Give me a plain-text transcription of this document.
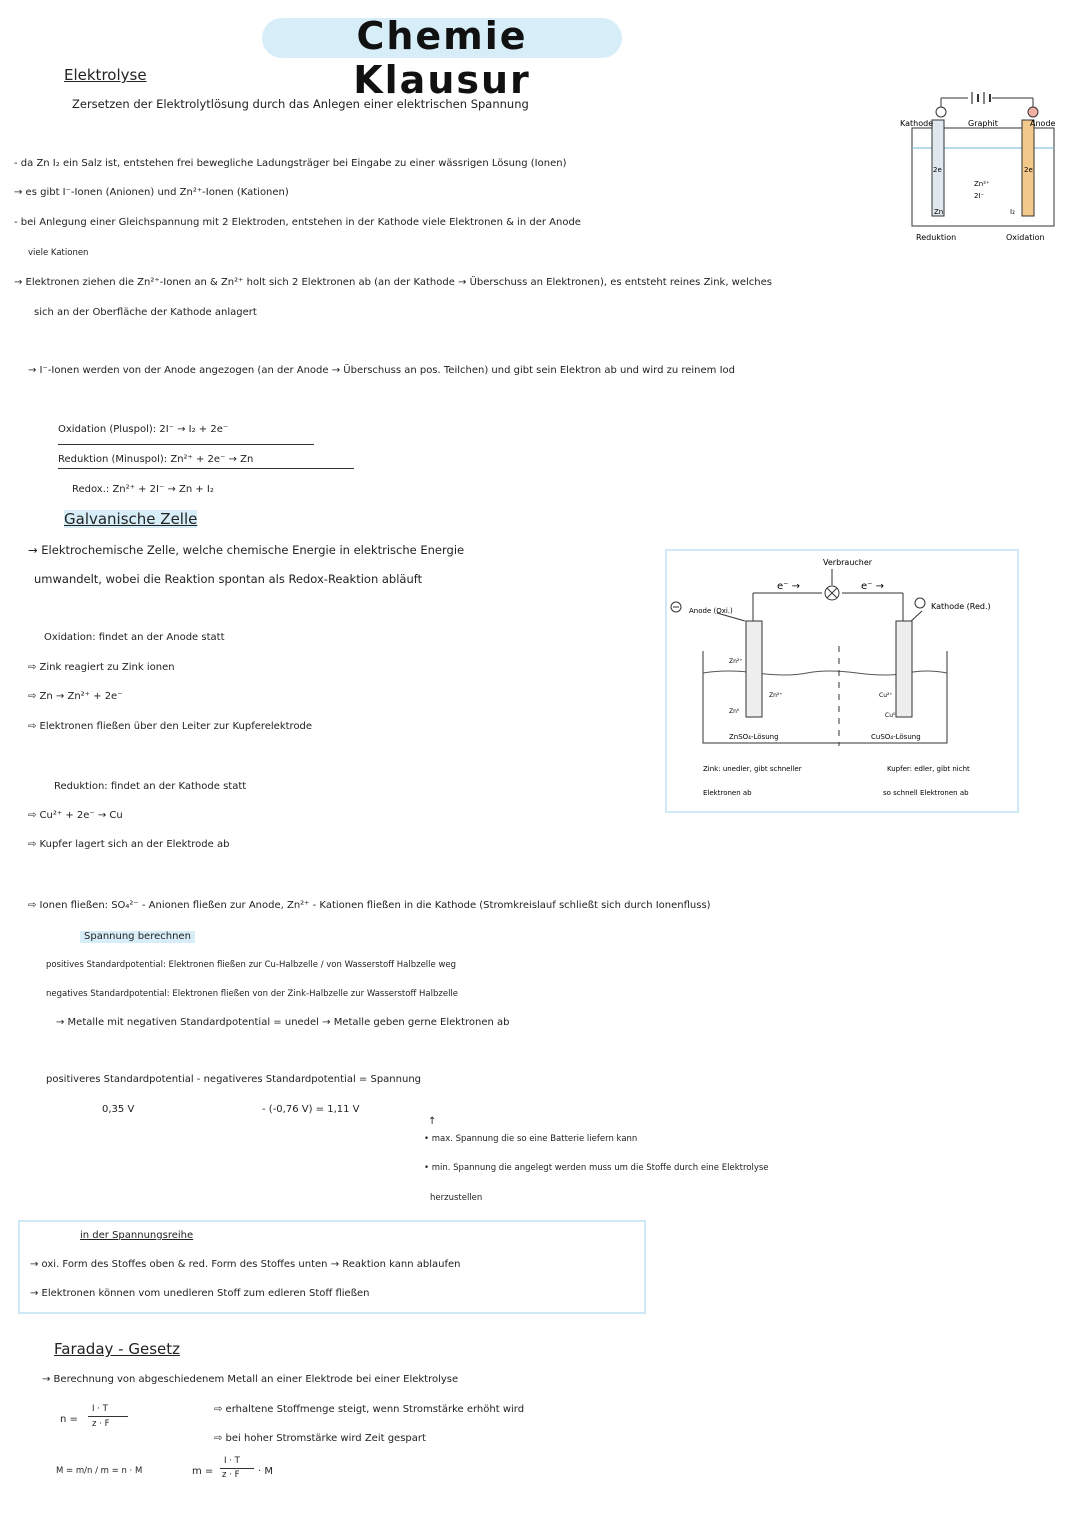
Chemie Klausur
Elektrolyse
Zersetzen der Elektrolytlösung durch das Anlegen einer elektrischen Spannung
- da Zn I₂ ein Salz ist, entstehen frei bewegliche Ladungsträger bei Eingabe zu einer wässrigen Lösung (Ionen)
→ es gibt I⁻-Ionen (Anionen) und Zn²⁺-Ionen (Kationen)
- bei Anlegung einer Gleichspannung mit 2 Elektroden, entstehen in der Kathode viele Elektronen & in der Anode
viele Kationen
→ Elektronen ziehen die Zn²⁺-Ionen an & Zn²⁺ holt sich 2 Elektronen ab (an der Kathode → Überschuss an Elektronen), es entsteht reines Zink, welches
sich an der Oberfläche der Kathode anlagert
→ I⁻-Ionen werden von der Anode angezogen (an der Anode → Überschuss an pos. Teilchen) und gibt sein Elektron ab und wird zu reinem Iod
Oxidation (Pluspol): 2I⁻ → I₂ + 2e⁻
Reduktion (Minuspol): Zn²⁺ + 2e⁻ → Zn
Redox.: Zn²⁺ + 2I⁻ → Zn + I₂
Kathode	Graphit	Anode
2e	2e
Zn
Zn²⁺
2I⁻
I₂
Reduktion	Oxidation
Galvanische Zelle
→ Elektrochemische Zelle, welche chemische Energie in elektrische Energie
umwandelt, wobei die Reaktion spontan als Redox-Reaktion abläuft
Oxidation: findet an der Anode statt
⇨ Zink reagiert zu Zink ionen
⇨ Zn → Zn²⁺ + 2e⁻
⇨ Elektronen fließen über den Leiter zur Kupferelektrode
Reduktion: findet an der Kathode statt
⇨ Cu²⁺ + 2e⁻ → Cu
⇨ Kupfer lagert sich an der Elektrode ab
Verbraucher
e⁻ →	e⁻ →
Anode (Oxi.)	Kathode (Red.)
Zn²⁺
Zn⁰
Zn²⁺	Cu²⁺
Cu⁰
ZnSO₄-Lösung	CuSO₄-Lösung
Zink: unedler, gibt schneller
Elektronen ab
Kupfer: edler, gibt nicht
so schnell Elektronen ab
⇨ Ionen fließen: SO₄²⁻ - Anionen fließen zur Anode, Zn²⁺ - Kationen fließen in die Kathode (Stromkreislauf schließt sich durch Ionenfluss)
Spannung berechnen
positives Standardpotential: Elektronen fließen zur Cu-Halbzelle / von Wasserstoff Halbzelle weg
negatives Standardpotential: Elektronen fließen von der Zink-Halbzelle zur Wasserstoff Halbzelle
→ Metalle mit negativen Standardpotential = unedel → Metalle geben gerne Elektronen ab
positiveres Standardpotential - negativeres Standardpotential = Spannung
0,35 V	- (-0,76 V) = 1,11 V
↑
• max. Spannung die so eine Batterie liefern kann
• min. Spannung die angelegt werden muss um die Stoffe durch eine Elektrolyse
herzustellen
in der Spannungsreihe
→ oxi. Form des Stoffes oben & red. Form des Stoffes unten → Reaktion kann ablaufen
→ Elektronen können vom unedleren Stoff zum edleren Stoff fließen
Faraday - Gesetz
→ Berechnung von abgeschiedenem Metall an einer Elektrode bei einer Elektrolyse
n =
I · T
z · F
⇨ erhaltene Stoffmenge steigt, wenn Stromstärke erhöht wird
⇨ bei hoher Stromstärke wird Zeit gespart
M = m/n / m = n · M	m =
I · T
z · F · M
